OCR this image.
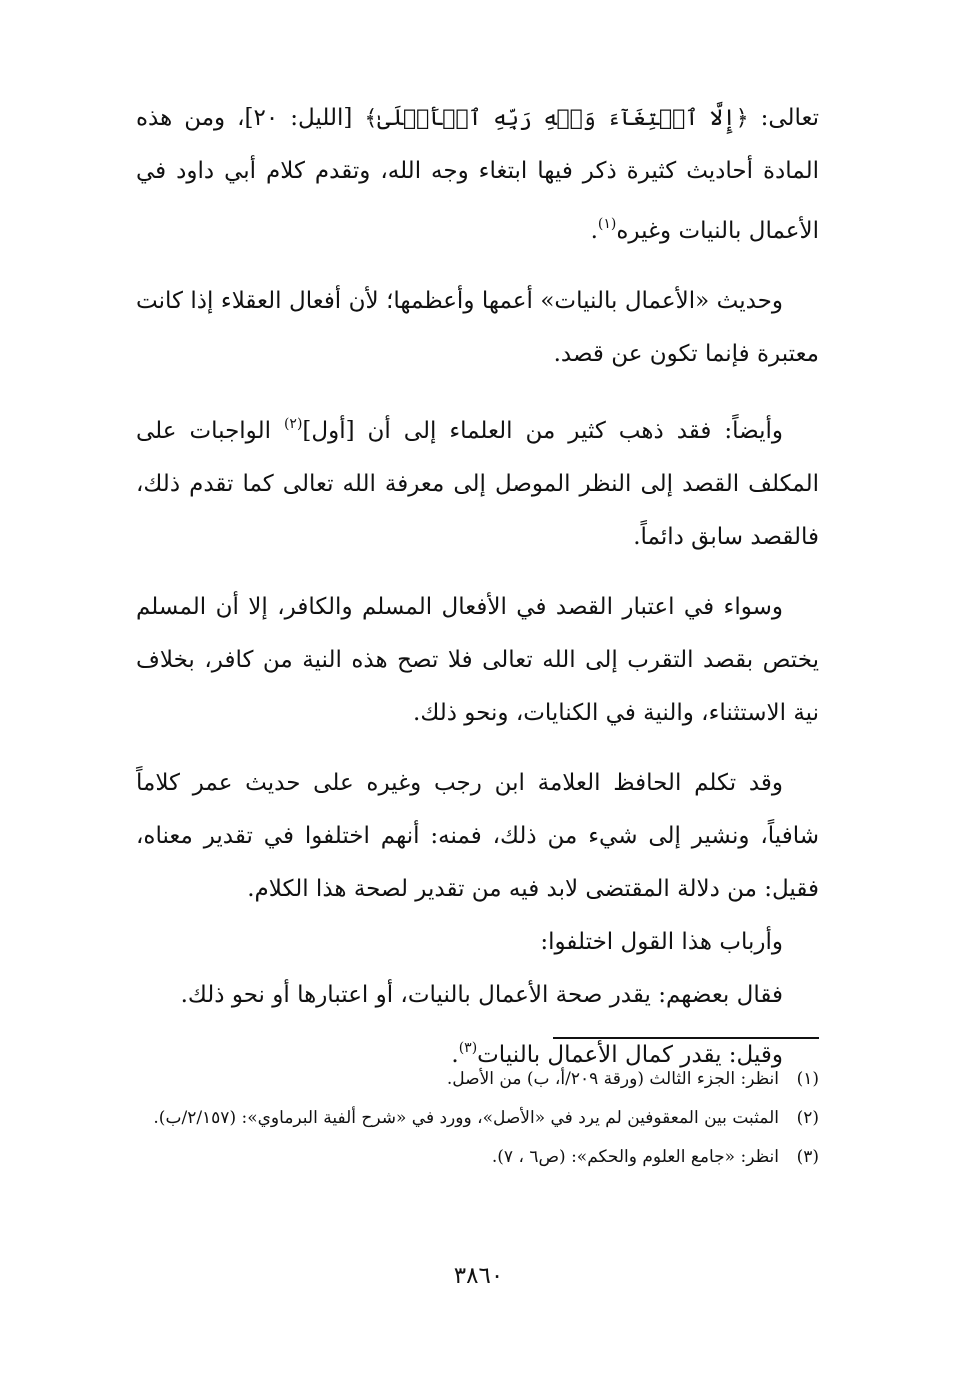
تعالى: ﴿إِلَّا ٱبۡتِغَآءَ وَجۡهِ رَبِّهِ ٱلۡأَعۡلَىٰ﴾ [الليل: ٢٠]، ومن هذه المادة أحاديث كثيرة ذكر فيها ابتغاء وجه الله، وتقدم كلام أبي داود في الأعمال بالنيات وغيره$^{(١)}$.

وحديث «الأعمال بالنيات» أعمها وأعظمها؛ لأن أفعال العقلاء إذا كانت معتبرة فإنما تكون عن قصد.

وأيضاً: فقد ذهب كثير من العلماء إلى أن [أول]$^{(٢)}$ الواجبات على المكلف القصد إلى النظر الموصل إلى معرفة الله تعالى كما تقدم ذلك، فالقصد سابق دائماً.

وسواء في اعتبار القصد في الأفعال المسلم والكافر، إلا أن المسلم يختص بقصد التقرب إلى الله تعالى فلا تصح هذه النية من كافر، بخلاف نية الاستثناء، والنية في الكنايات، ونحو ذلك.

وقد تكلم الحافظ العلامة ابن رجب وغيره على حديث عمر كلاماً شافياً، ونشير إلى شيء من ذلك، فمنه: أنهم اختلفوا في تقدير معناه، فقيل: من دلالة المقتضى لابد فيه من تقدير لصحة هذا الكلام.

وأرباب هذا القول اختلفوا:

فقال بعضهم: يقدر صحة الأعمال بالنيات، أو اعتبارها أو نحو ذلك.

وقيل: يقدر كمال الأعمال بالنيات$^{(٣)}$.

(١)
انظر: الجزء الثالث (ورقة ٢٠٩/أ، ب) من الأصل.
(٢)
المثبت بين المعقوفين لم يرد في «الأصل»، وورد في «شرح ألفية البرماوي»: (٢/١٥٧/ب).
(٣)
انظر: «جامع العلوم والحكم»: (ص٦ ، ٧).
٣٨٦٠
